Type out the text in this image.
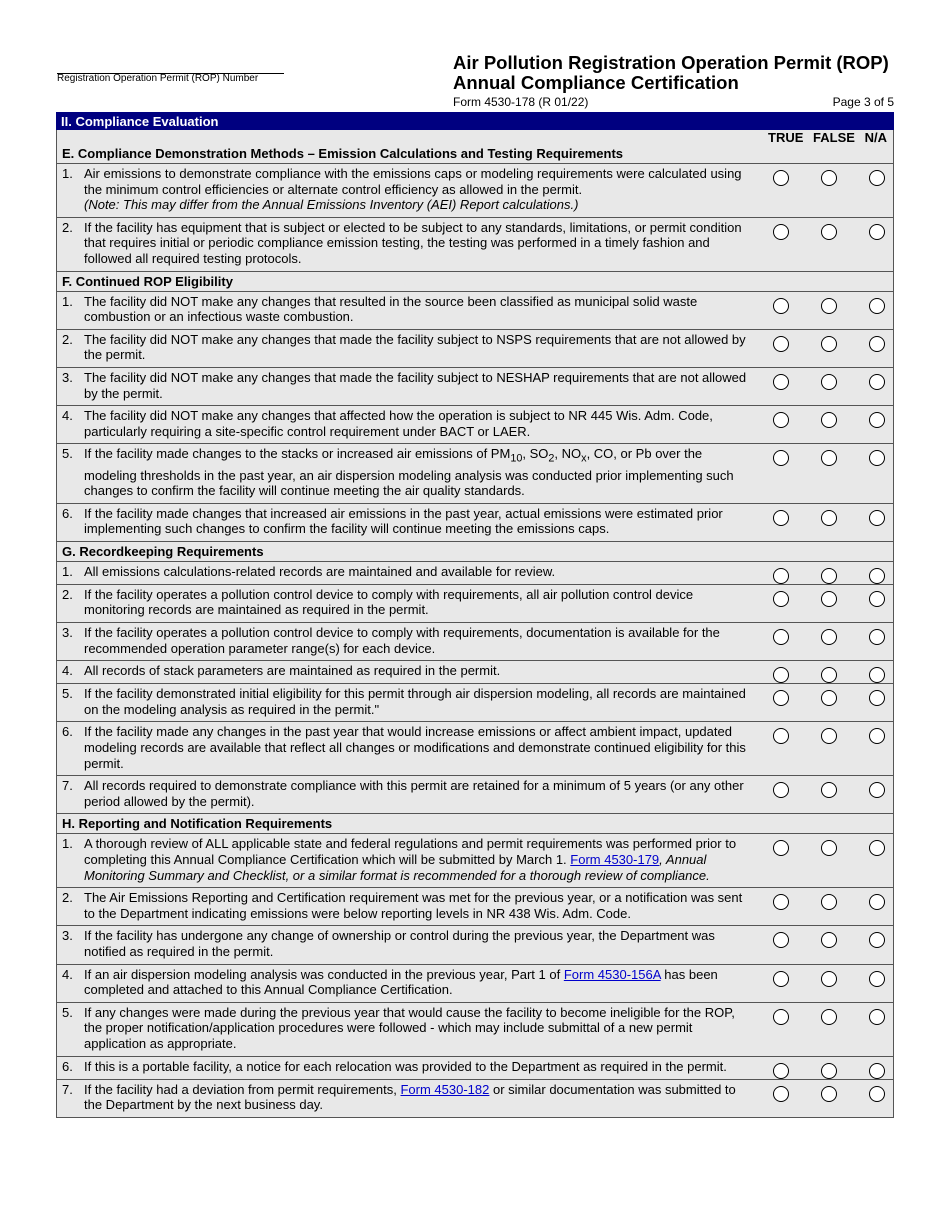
Registration Operation Permit (ROP) Number
Air Pollution Registration Operation Permit (ROP)
Annual Compliance Certification
Form 4530-178 (R 01/22)	Page 3 of 5
II. Compliance Evaluation		
E. Compliance Demonstration Methods – Emission Calculations and Testing Requirements		TRUE FALSE N/A

1.	Air emissions to demonstrate compliance with the emissions caps or modeling requirements were calculated using the minimum control efficiencies or alternate control efficiency as allowed in the permit.
(Note: This may differ from the Annual Emissions Inventory (AEI) Report calculations.)	

2.	If the facility has equipment that is subject or elected to be subject to any standards, limitations, or permit condition that requires initial or periodic compliance emission testing, the testing was performed in a timely fashion and followed all required testing protocols.	

F. Continued ROP Eligibility		
1.	The facility did NOT make any changes that resulted in the source been classified as municipal solid waste combustion or an infectious waste combustion.	

2.	The facility did NOT make any changes that made the facility subject to NSPS requirements that are not allowed by the permit.	

3.	The facility did NOT make any changes that made the facility subject to NESHAP requirements that are not allowed by the permit.	

4.	The facility did NOT make any changes that affected how the operation is subject to NR 445 Wis. Adm. Code, particularly requiring a site-specific control requirement under BACT or LAER.	

5.	If the facility made changes to the stacks or increased air emissions of $PM_{10}$, $SO_2$, $NO_x$, CO, or Pb over the modeling thresholds in the past year, an air dispersion modeling analysis was conducted prior implementing such changes to confirm the facility will continue meeting the air quality standards.	

6.	If the facility made changes that increased air emissions in the past year, actual emissions were estimated prior implementing such changes to confirm the facility will continue meeting the emissions caps.	

G. Recordkeeping Requirements		
1.	All emissions calculations-related records are maintained and available for review.	

2.	If the facility operates a pollution control device to comply with requirements, all air pollution control device monitoring records are maintained as required in the permit.	

3.	If the facility operates a pollution control device to comply with requirements, documentation is available for the recommended operation parameter range(s) for each device.	

4.	All records of stack parameters are maintained as required in the permit.	

5.	If the facility demonstrated initial eligibility for this permit through air dispersion modeling, all records are maintained on the modeling analysis as required in the permit."	

6.	If the facility made any changes in the past year that would increase emissions or affect ambient impact, updated modeling records are available that reflect all changes or modifications and demonstrate continued eligibility for this permit.	

7.	All records required to demonstrate compliance with this permit are retained for a minimum of 5 years (or any other period allowed by the permit).	

H. Reporting and Notification Requirements		
1.	A thorough review of ALL applicable state and federal regulations and permit requirements was performed prior to completing this Annual Compliance Certification which will be submitted by March 1. Form 4530-179, Annual Monitoring Summary and Checklist, or a similar format is recommended for a thorough review of compliance.	

2.	The Air Emissions Reporting and Certification requirement was met for the previous year, or a notification was sent to the Department indicating emissions were below reporting levels in NR 438 Wis. Adm. Code.	

3.	If the facility has undergone any change of ownership or control during the previous year, the Department was notified as required in the permit.	

4.	If an air dispersion modeling analysis was conducted in the previous year, Part 1 of Form 4530-156A has been completed and attached to this Annual Compliance Certification.	

5.	If any changes were made during the previous year that would cause the facility to become ineligible for the ROP, the proper notification/application procedures were followed - which may include submittal of a new permit application as appropriate.	

6.	If this is a portable facility, a notice for each relocation was provided to the Department as required in the permit.	

7.	If the facility had a deviation from permit requirements, Form 4530-182 or similar documentation was submitted to the Department by the next business day.	
